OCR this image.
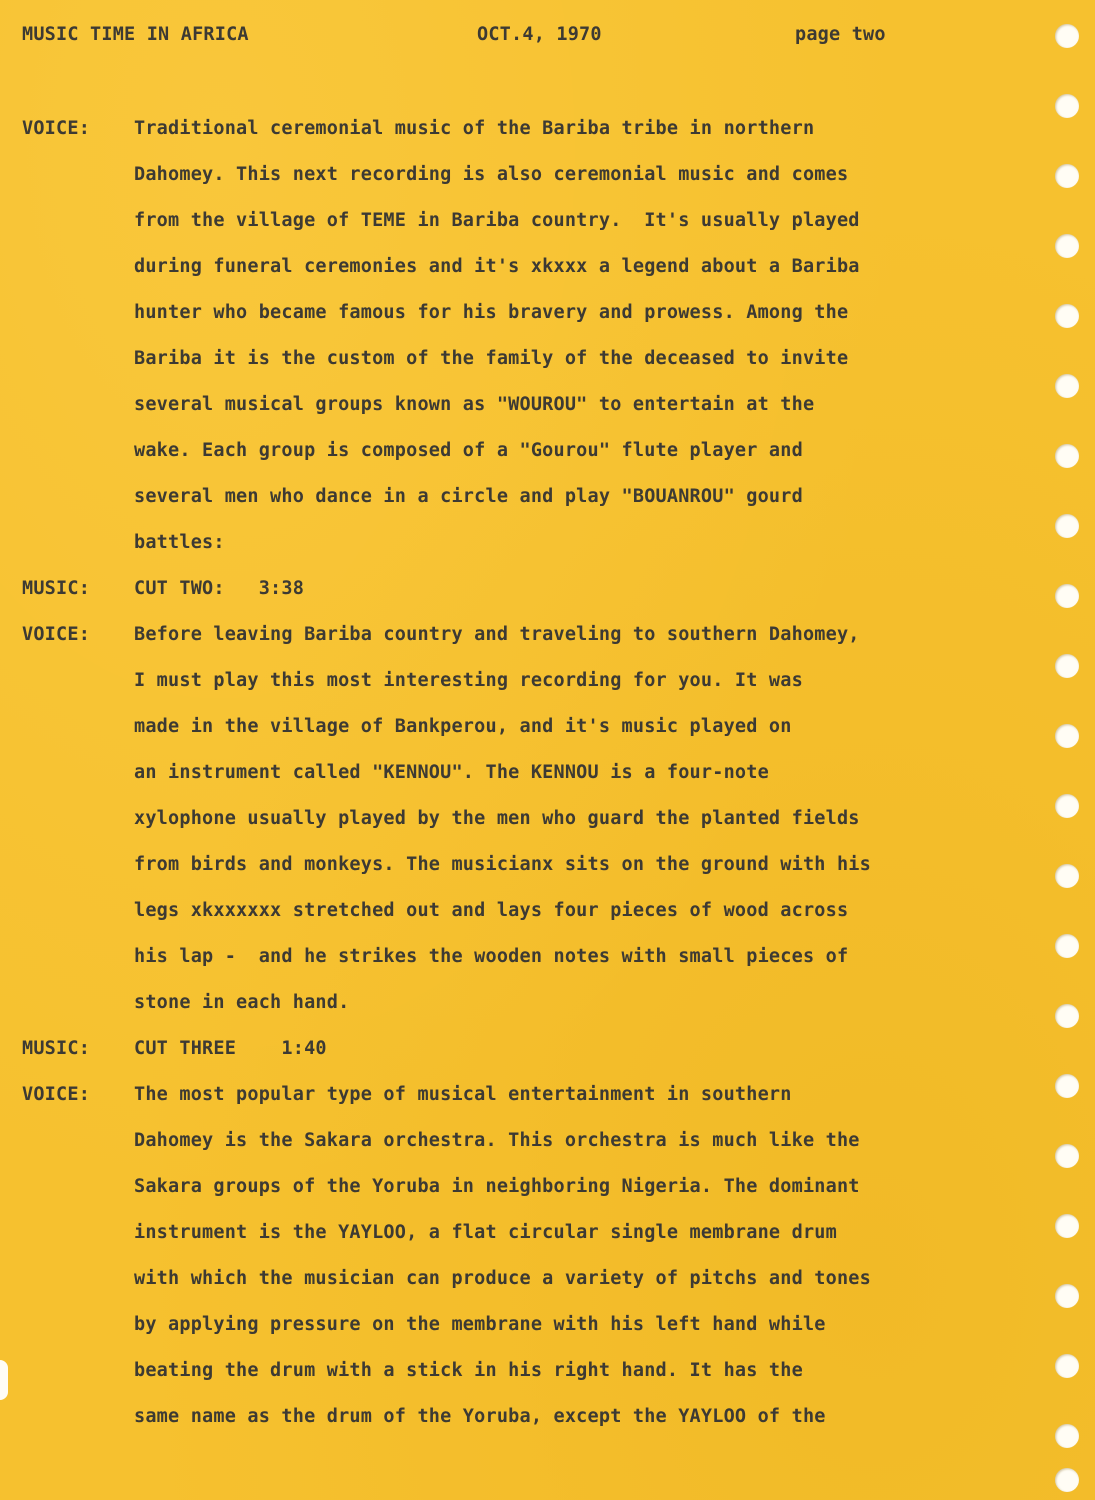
MUSIC TIME IN AFRICA	OCT.4, 1970	page two
VOICE: Traditional ceremonial music of the Bariba tribe in northern
Dahomey. This next recording is also ceremonial music and comes
from the village of TEME in Bariba country.  It's usually played
during funeral ceremonies and it's xkxxx a legend about a Bariba
hunter who became famous for his bravery and prowess. Among the
Bariba it is the custom of the family of the deceased to invite
several musical groups known as "WOUROU" to entertain at the
wake. Each group is composed of a "Gourou" flute player and
several men who dance in a circle and play "BOUANROU" gourd
battles:
MUSIC: CUT TWO:   3:38
VOICE: Before leaving Bariba country and traveling to southern Dahomey,
I must play this most interesting recording for you. It was
made in the village of Bankperou, and it's music played on
an instrument called "KENNOU". The KENNOU is a four-note
xylophone usually played by the men who guard the planted fields
from birds and monkeys. The musicianx sits on the ground with his
legs xkxxxxxx stretched out and lays four pieces of wood across
his lap -  and he strikes the wooden notes with small pieces of
stone in each hand.
MUSIC: CUT THREE    1:40
VOICE: The most popular type of musical entertainment in southern
Dahomey is the Sakara orchestra. This orchestra is much like the
Sakara groups of the Yoruba in neighboring Nigeria. The dominant
instrument is the YAYLOO, a flat circular single membrane drum
with which the musician can produce a variety of pitchs and tones
by applying pressure on the membrane with his left hand while
beating the drum with a stick in his right hand. It has the
same name as the drum of the Yoruba, except the YAYLOO of the
